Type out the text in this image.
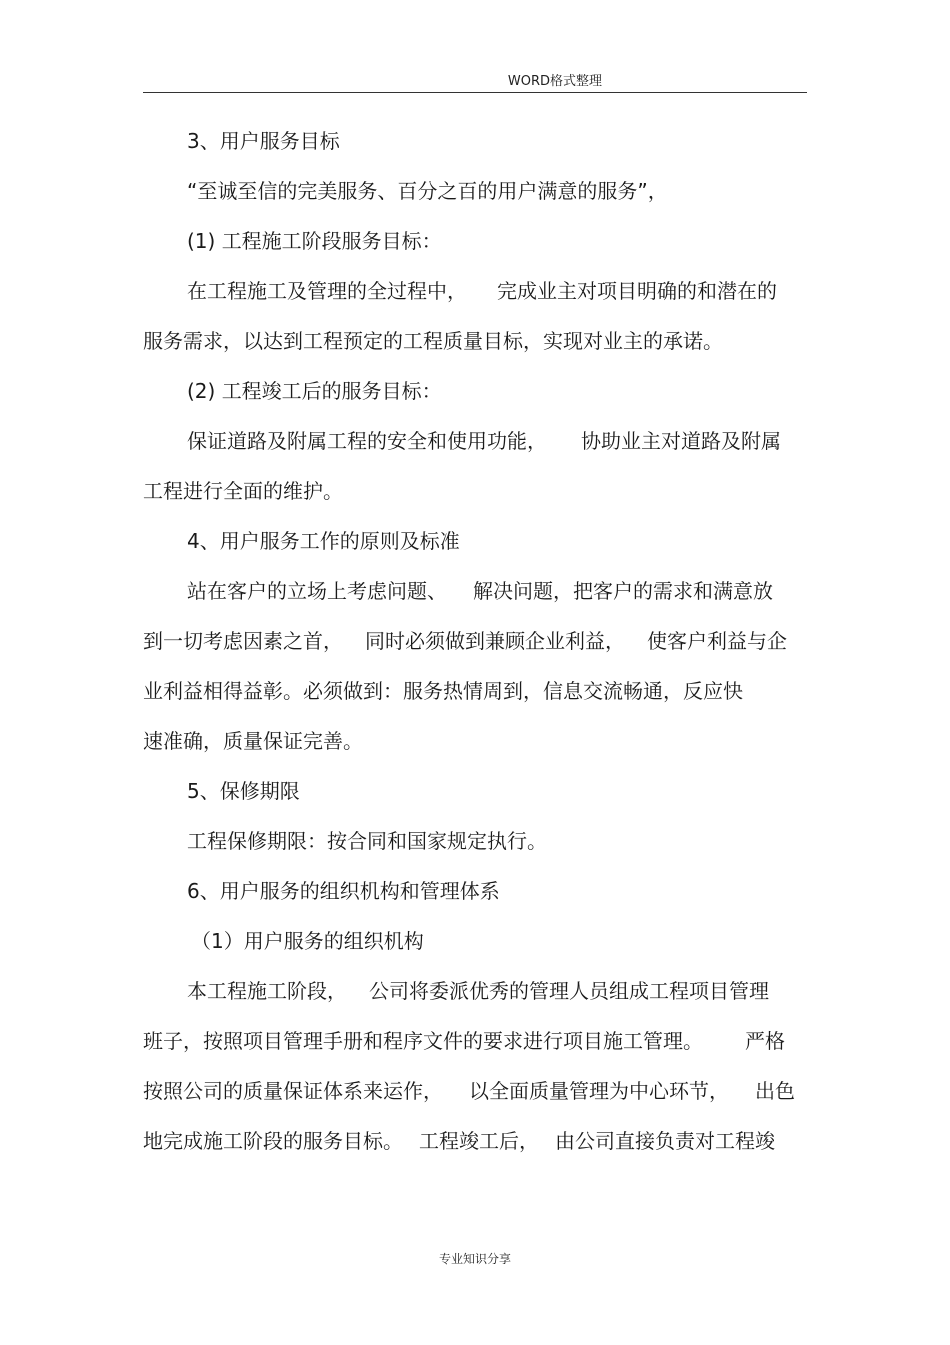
WORD格式整理
3、用户服务目标
“至诚至信的完美服务、百分之百的用户满意的服务”，
(1) 工程施工阶段服务目标：
在工程施工及管理的全过程中， 完成业主对项目明确的和潜在的
服务需求，以达到工程预定的工程质量目标，实现对业主的承诺。
(2) 工程竣工后的服务目标：
保证道路及附属工程的安全和使用功能， 协助业主对道路及附属
工程进行全面的维护。
4、用户服务工作的原则及标准
站在客户的立场上考虑问题、 解决问题，把客户的需求和满意放
到一切考虑因素之首， 同时必须做到兼顾企业利益， 使客户利益与企
业利益相得益彰。必须做到：服务热情周到，信息交流畅通，反应快
速准确，质量保证完善。
5、保修期限
工程保修期限：按合同和国家规定执行。
6、用户服务的组织机构和管理体系
（1）用户服务的组织机构
本工程施工阶段， 公司将委派优秀的管理人员组成工程项目管理
班子，按照项目管理手册和程序文件的要求进行项目施工管理。 严格
按照公司的质量保证体系来运作， 以全面质量管理为中心环节， 出色
地完成施工阶段的服务目标。 工程竣工后， 由公司直接负责对工程竣
专业知识分享
